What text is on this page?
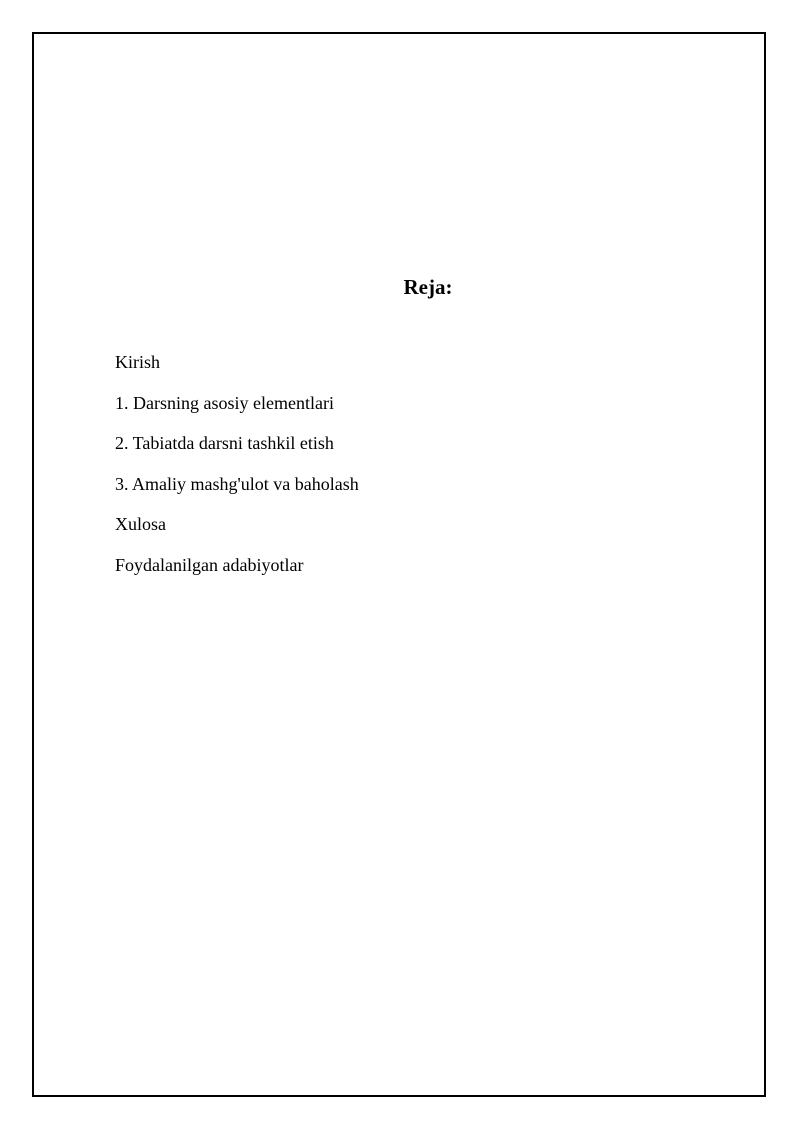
Reja:
Kirish
1. Darsning asosiy elementlari
2. Tabiatda darsni tashkil etish
3. Amaliy mashg'ulot va baholash
Xulosa
Foydalanilgan adabiyotlar
